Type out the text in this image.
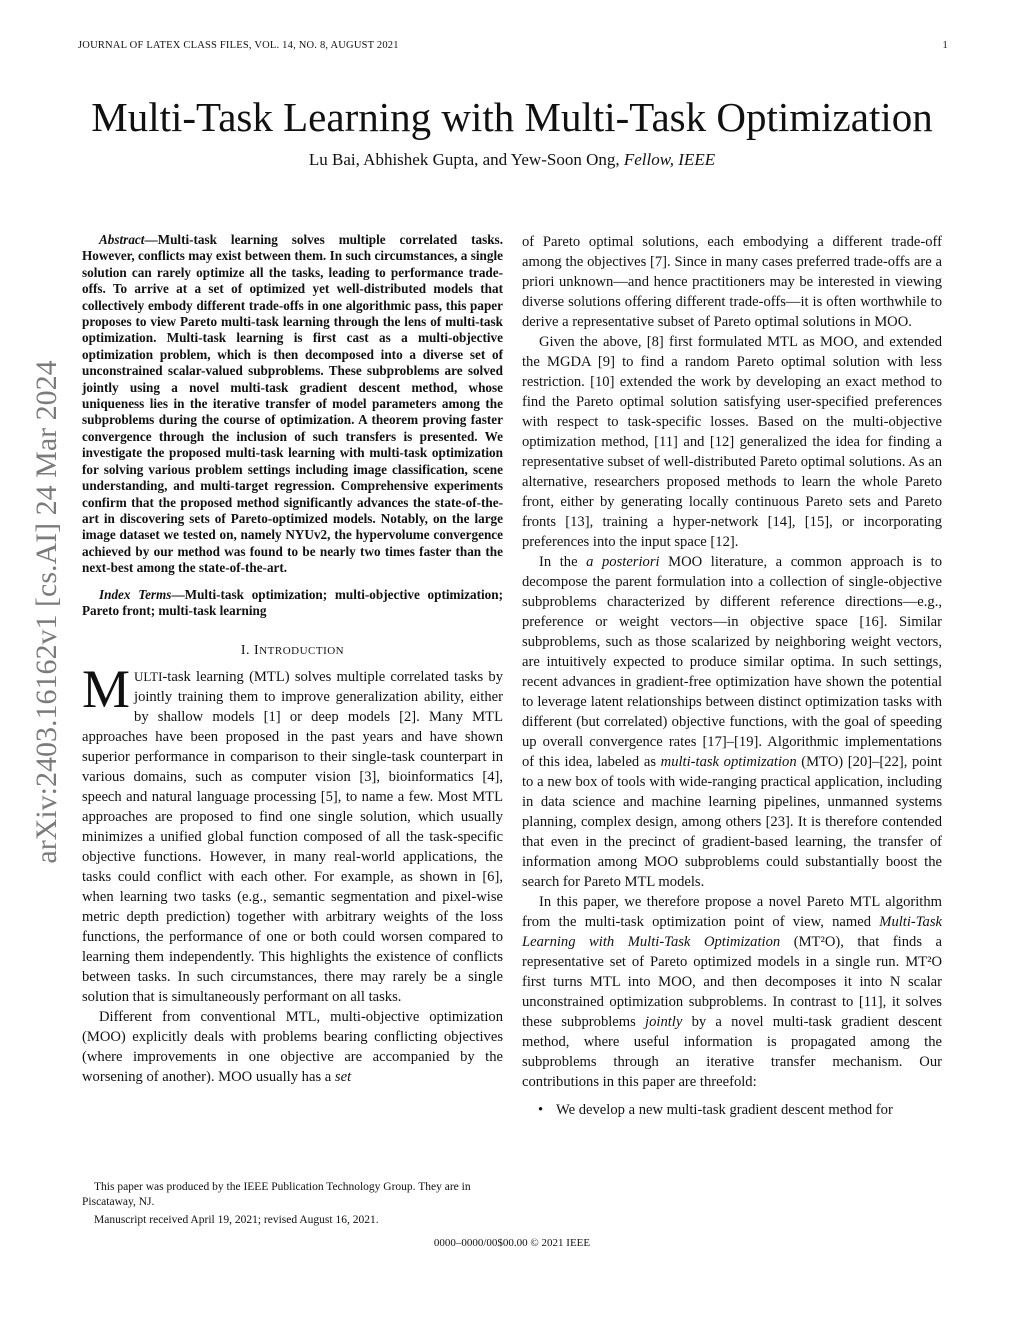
JOURNAL OF LATEX CLASS FILES, VOL. 14, NO. 8, AUGUST 2021	1
Multi-Task Learning with Multi-Task Optimization
Lu Bai, Abhishek Gupta, and Yew-Soon Ong, Fellow, IEEE
arXiv:2403.16162v1 [cs.AI] 24 Mar 2024

Abstract—Multi-task learning solves multiple correlated tasks. However, conflicts may exist between them. In such circumstances, a single solution can rarely optimize all the tasks, leading to performance trade-offs. To arrive at a set of optimized yet well-distributed models that collectively embody different trade-offs in one algorithmic pass, this paper proposes to view Pareto multi-task learning through the lens of multi-task optimization. Multi-task learning is first cast as a multi-objective optimization problem, which is then decomposed into a diverse set of unconstrained scalar-valued subproblems. These subproblems are solved jointly using a novel multi-task gradient descent method, whose uniqueness lies in the iterative transfer of model parameters among the subproblems during the course of optimization. A theorem proving faster convergence through the inclusion of such transfers is presented. We investigate the proposed multi-task learning with multi-task optimization for solving various problem settings including image classification, scene understanding, and multi-target regression. Comprehensive experiments confirm that the proposed method significantly advances the state-of-the-art in discovering sets of Pareto-optimized models. Notably, on the large image dataset we tested on, namely NYUv2, the hypervolume convergence achieved by our method was found to be nearly two times faster than the next-best among the state-of-the-art.

Index Terms—Multi-task optimization; multi-objective optimization; Pareto front; multi-task learning

I. INTRODUCTION

MULTI-task learning (MTL) solves multiple correlated tasks by jointly training them to improve generalization ability, either by shallow models [1] or deep models [2]. Many MTL approaches have been proposed in the past years and have shown superior performance in comparison to their single-task counterpart in various domains, such as computer vision [3], bioinformatics [4], speech and natural language processing [5], to name a few. Most MTL approaches are proposed to find one single solution, which usually minimizes a unified global function composed of all the task-specific objective functions. However, in many real-world applications, the tasks could conflict with each other. For example, as shown in [6], when learning two tasks (e.g., semantic segmentation and pixel-wise metric depth prediction) together with arbitrary weights of the loss functions, the performance of one or both could worsen compared to learning them independently. This highlights the existence of conflicts between tasks. In such circumstances, there may rarely be a single solution that is simultaneously performant on all tasks.

Different from conventional MTL, multi-objective optimization (MOO) explicitly deals with problems bearing conflicting objectives (where improvements in one objective are accompanied by the worsening of another). MOO usually has a set

This paper was produced by the IEEE Publication Technology Group. They are in Piscataway, NJ.

Manuscript received April 19, 2021; revised August 16, 2021.

of Pareto optimal solutions, each embodying a different trade-off among the objectives [7]. Since in many cases preferred trade-offs are a priori unknown—and hence practitioners may be interested in viewing diverse solutions offering different trade-offs—it is often worthwhile to derive a representative subset of Pareto optimal solutions in MOO.

Given the above, [8] first formulated MTL as MOO, and extended the MGDA [9] to find a random Pareto optimal solution with less restriction. [10] extended the work by developing an exact method to find the Pareto optimal solution satisfying user-specified preferences with respect to task-specific losses. Based on the multi-objective optimization method, [11] and [12] generalized the idea for finding a representative subset of well-distributed Pareto optimal solutions. As an alternative, researchers proposed methods to learn the whole Pareto front, either by generating locally continuous Pareto sets and Pareto fronts [13], training a hyper-network [14], [15], or incorporating preferences into the input space [12].

In the a posteriori MOO literature, a common approach is to decompose the parent formulation into a collection of single-objective subproblems characterized by different reference directions—e.g., preference or weight vectors—in objective space [16]. Similar subproblems, such as those scalarized by neighboring weight vectors, are intuitively expected to produce similar optima. In such settings, recent advances in gradient-free optimization have shown the potential to leverage latent relationships between distinct optimization tasks with different (but correlated) objective functions, with the goal of speeding up overall convergence rates [17]–[19]. Algorithmic implementations of this idea, labeled as multi-task optimization (MTO) [20]–[22], point to a new box of tools with wide-ranging practical application, including in data science and machine learning pipelines, unmanned systems planning, complex design, among others [23]. It is therefore contended that even in the precinct of gradient-based learning, the transfer of information among MOO subproblems could substantially boost the search for Pareto MTL models.

In this paper, we therefore propose a novel Pareto MTL algorithm from the multi-task optimization point of view, named Multi-Task Learning with Multi-Task Optimization (MT²O), that finds a representative set of Pareto optimized models in a single run. MT²O first turns MTL into MOO, and then decomposes it into N scalar unconstrained optimization subproblems. In contrast to [11], it solves these subproblems jointly by a novel multi-task gradient descent method, where useful information is propagated among the subproblems through an iterative transfer mechanism. Our contributions in this paper are threefold:

• We develop a new multi-task gradient descent method for
0000–0000/00$00.00 © 2021 IEEE
